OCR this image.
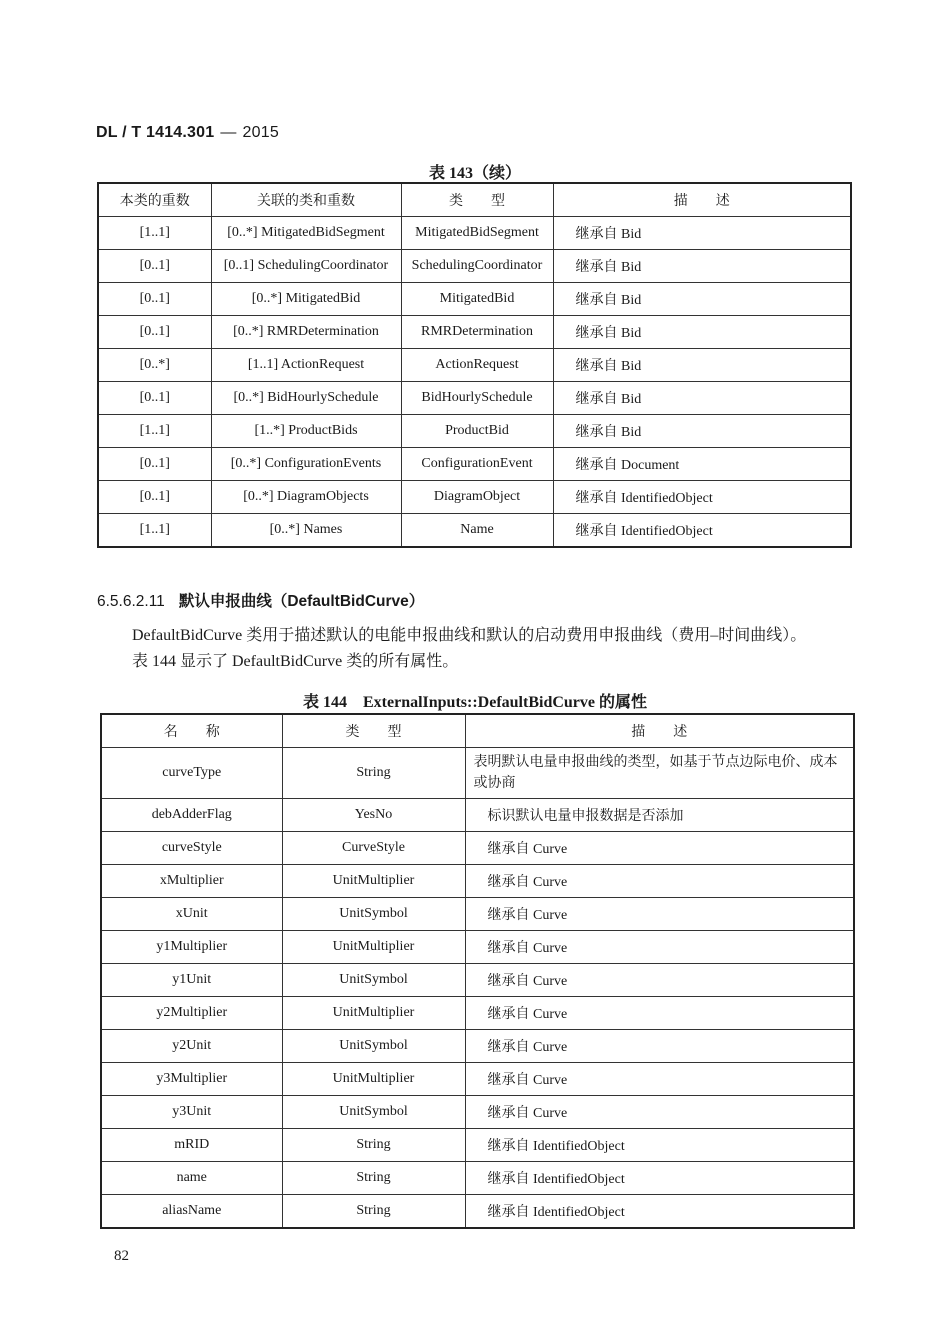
DL / T 1414.301 — 2015
表 143（续）
本类的重数	关联的类和重数	类　　型	描　　述
[1..1]	[0..*] MitigatedBidSegment	MitigatedBidSegment	继承自 Bid
[0..1]	[0..1] SchedulingCoordinator	SchedulingCoordinator	继承自 Bid
[0..1]	[0..*] MitigatedBid	MitigatedBid	继承自 Bid
[0..1]	[0..*] RMRDetermination	RMRDetermination	继承自 Bid
[0..*]	[1..1] ActionRequest	ActionRequest	继承自 Bid
[0..1]	[0..*] BidHourlySchedule	BidHourlySchedule	继承自 Bid
[1..1]	[1..*] ProductBids	ProductBid	继承自 Bid
[0..1]	[0..*] ConfigurationEvents	ConfigurationEvent	继承自 Document
[0..1]	[0..*] DiagramObjects	DiagramObject	继承自 IdentifiedObject
[1..1]	[0..*] Names	Name	继承自 IdentifiedObject
6.5.6.2.11 默认申报曲线（DefaultBidCurve）
DefaultBidCurve 类用于描述默认的电能申报曲线和默认的启动费用申报曲线（费用–时间曲线）。
表 144 显示了 DefaultBidCurve 类的所有属性。
表 144　ExternalInputs::DefaultBidCurve 的属性
名　　称	类　　型	描　　述
curveType	String	表明默认电量申报曲线的类型，如基于节点边际电价、成本或协商
debAdderFlag	YesNo	标识默认电量申报数据是否添加
curveStyle	CurveStyle	继承自 Curve
xMultiplier	UnitMultiplier	继承自 Curve
xUnit	UnitSymbol	继承自 Curve
y1Multiplier	UnitMultiplier	继承自 Curve
y1Unit	UnitSymbol	继承自 Curve
y2Multiplier	UnitMultiplier	继承自 Curve
y2Unit	UnitSymbol	继承自 Curve
y3Multiplier	UnitMultiplier	继承自 Curve
y3Unit	UnitSymbol	继承自 Curve
mRID	String	继承自 IdentifiedObject
name	String	继承自 IdentifiedObject
aliasName	String	继承自 IdentifiedObject
82
